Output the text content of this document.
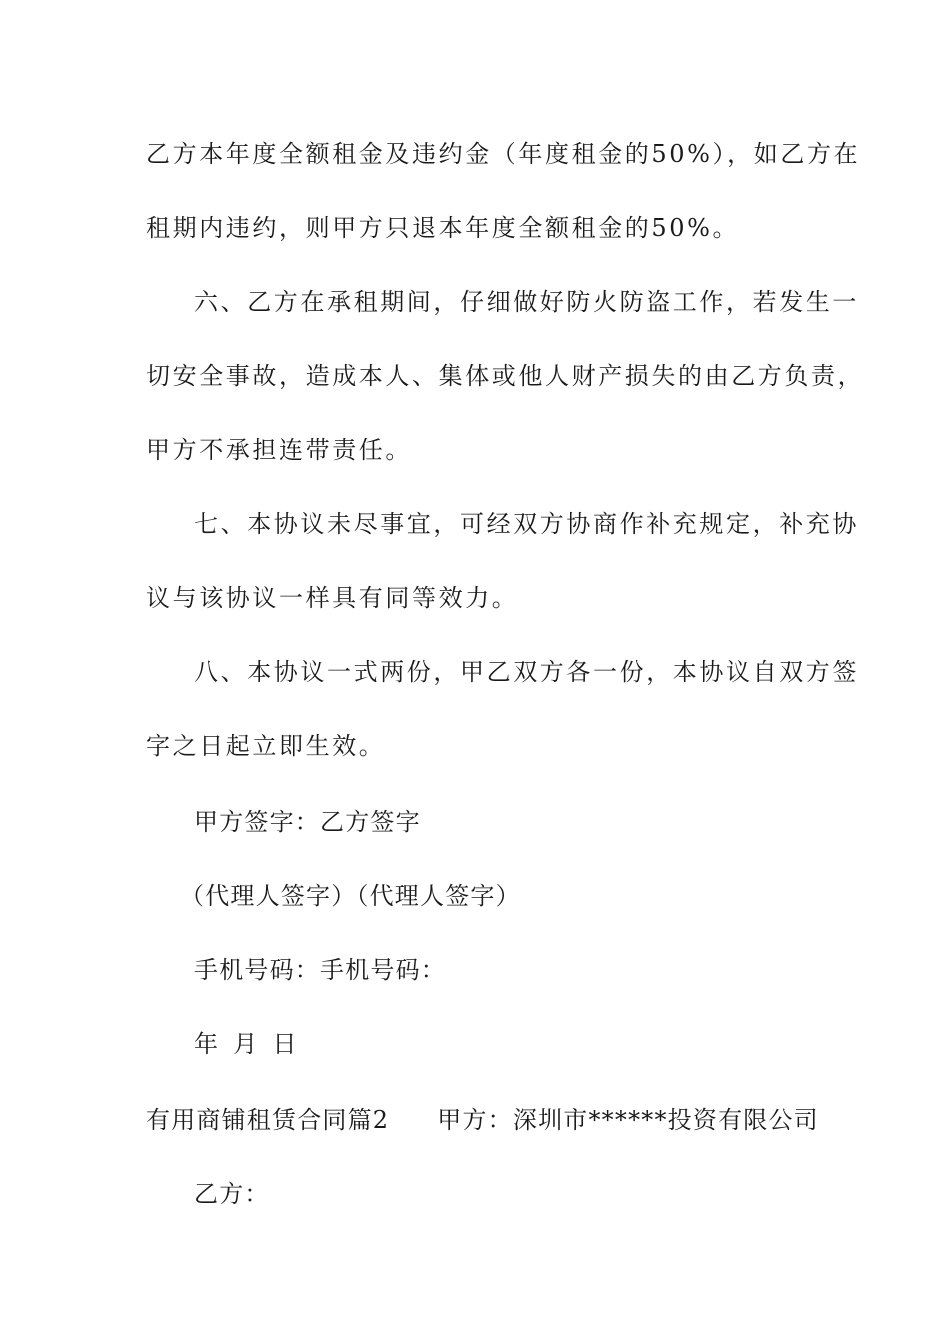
乙方本年度全额租金及违约金（年度租金的50%），如乙方在
租期内违约，则甲方只退本年度全额租金的50%。
六、乙方在承租期间，仔细做好防火防盗工作，若发生一
切安全事故，造成本人、集体或他人财产损失的由乙方负责，
甲方不承担连带责任。
七、本协议未尽事宜，可经双方协商作补充规定，补充协
议与该协议一样具有同等效力。
八、本协议一式两份，甲乙双方各一份，本协议自双方签
字之日起立即生效。
甲方签字：乙方签字
（代理人签字）（代理人签字）
手机号码：手机号码：
年  月  日
有用商铺租赁合同篇2 甲方：深圳市******投资有限公司
乙方：
